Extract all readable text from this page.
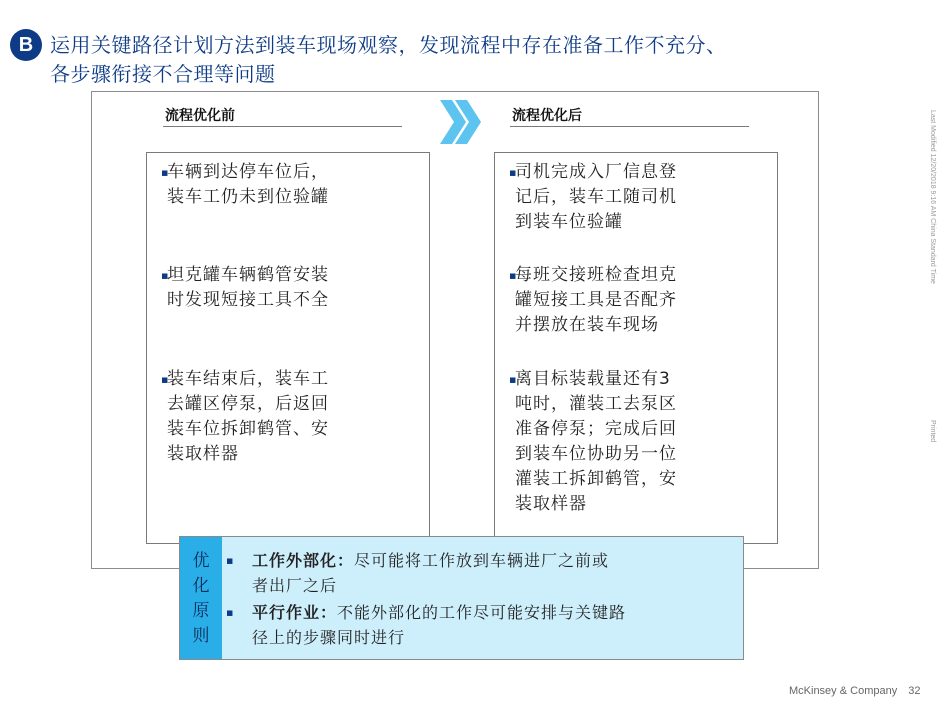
B 运用关键路径计划方法到装车现场观察，发现流程中存在准备工作不充分、
各步骤衔接不合理等问题
流程优化前	流程优化后
▪ 车辆到达停车位后，
装车工仍未到位验罐
▪ 坦克罐车辆鹤管安装
时发现短接工具不全
▪ 装车结束后，装车工
去罐区停泵，后返回
装车位拆卸鹤管、安
装取样器
▪ 司机完成入厂信息登
记后，装车工随司机
到装车位验罐
▪ 每班交接班检查坦克
罐短接工具是否配齐
并摆放在装车现场
▪ 离目标装载量还有3
吨时，灌装工去泵区
准备停泵；完成后回
到装车位协助另一位
灌装工拆卸鹤管，安
装取样器
优
化
原
则
▪	工作外部化：尽可能将工作放到车辆进厂之前或
者出厂之后
▪	平行作业：不能外部化的工作尽可能安排与关键路
径上的步骤同时进行
Last Modified 12/20/2018 9:16 AM China Standard Time
Printed
McKinsey & Company 32
